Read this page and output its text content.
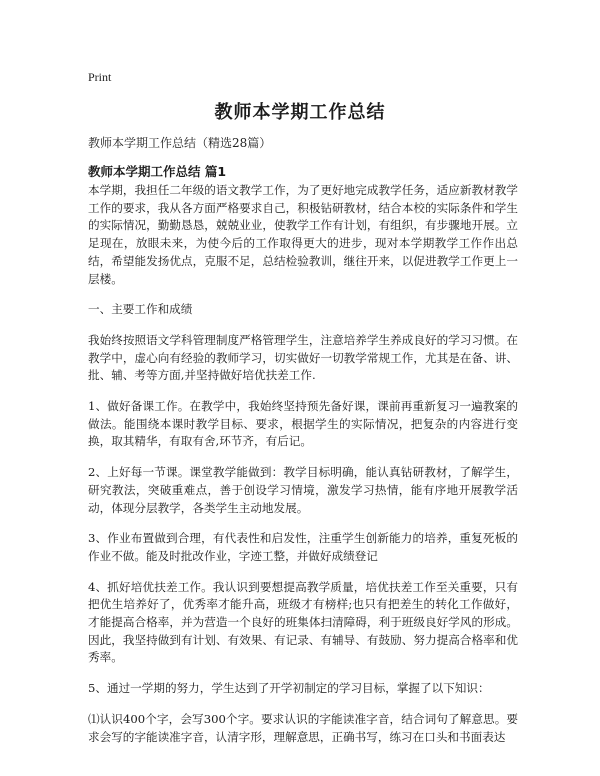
Print
教师本学期工作总结
教师本学期工作总结（精选28篇）
教师本学期工作总结 篇1

本学期，我担任二年级的语文教学工作，为了更好地完成教学任务，适应新教材教学工作的要求，我从各方面严格要求自己，积极钻研教材，结合本校的实际条件和学生的实际情况，勤勤恳恳，兢兢业业，使教学工作有计划，有组织，有步骤地开展。立足现在，放眼未来，为使今后的工作取得更大的进步，现对本学期教学工作作出总结，希望能发扬优点，克服不足，总结检验教训，继往开来，以促进教学工作更上一层楼。

一、主要工作和成绩

我始终按照语文学科管理制度严格管理学生，注意培养学生养成良好的学习习惯。在教学中，虚心向有经验的教师学习，切实做好一切教学常规工作，尤其是在备、讲、批、辅、考等方面,并坚持做好培优扶差工作.

1、做好备课工作。在教学中，我始终坚持预先备好课，课前再重新复习一遍教案的做法。能围绕本课时教学目标、要求，根据学生的实际情况，把复杂的内容进行变换，取其精华，有取有舍,环节齐，有后记。

2、上好每一节课。课堂教学能做到：教学目标明确，能认真钻研教材，了解学生，研究教法，突破重难点，善于创设学习情境，激发学习热情，能有序地开展教学活动，体现分层教学，各类学生主动地发展。

3、作业布置做到合理，有代表性和启发性，注重学生创新能力的培养，重复死板的作业不做。能及时批改作业，字迹工整，并做好成绩登记

4、抓好培优扶差工作。我认识到要想提高教学质量，培优扶差工作至关重要，只有把优生培养好了，优秀率才能升高，班级才有榜样;也只有把差生的转化工作做好，才能提高合格率，并为营造一个良好的班集体扫清障碍，利于班级良好学风的形成。因此，我坚持做到有计划、有效果、有记录、有辅导、有鼓励、努力提高合格率和优秀率。

5、通过一学期的努力，学生达到了开学初制定的学习目标，掌握了以下知识：

⑴认识400个字，会写300个字。要求认识的字能读准字音，结合词句了解意思。要求会写的字能读准字音，认清字形，理解意思，正确书写，练习在口头和书面表达
